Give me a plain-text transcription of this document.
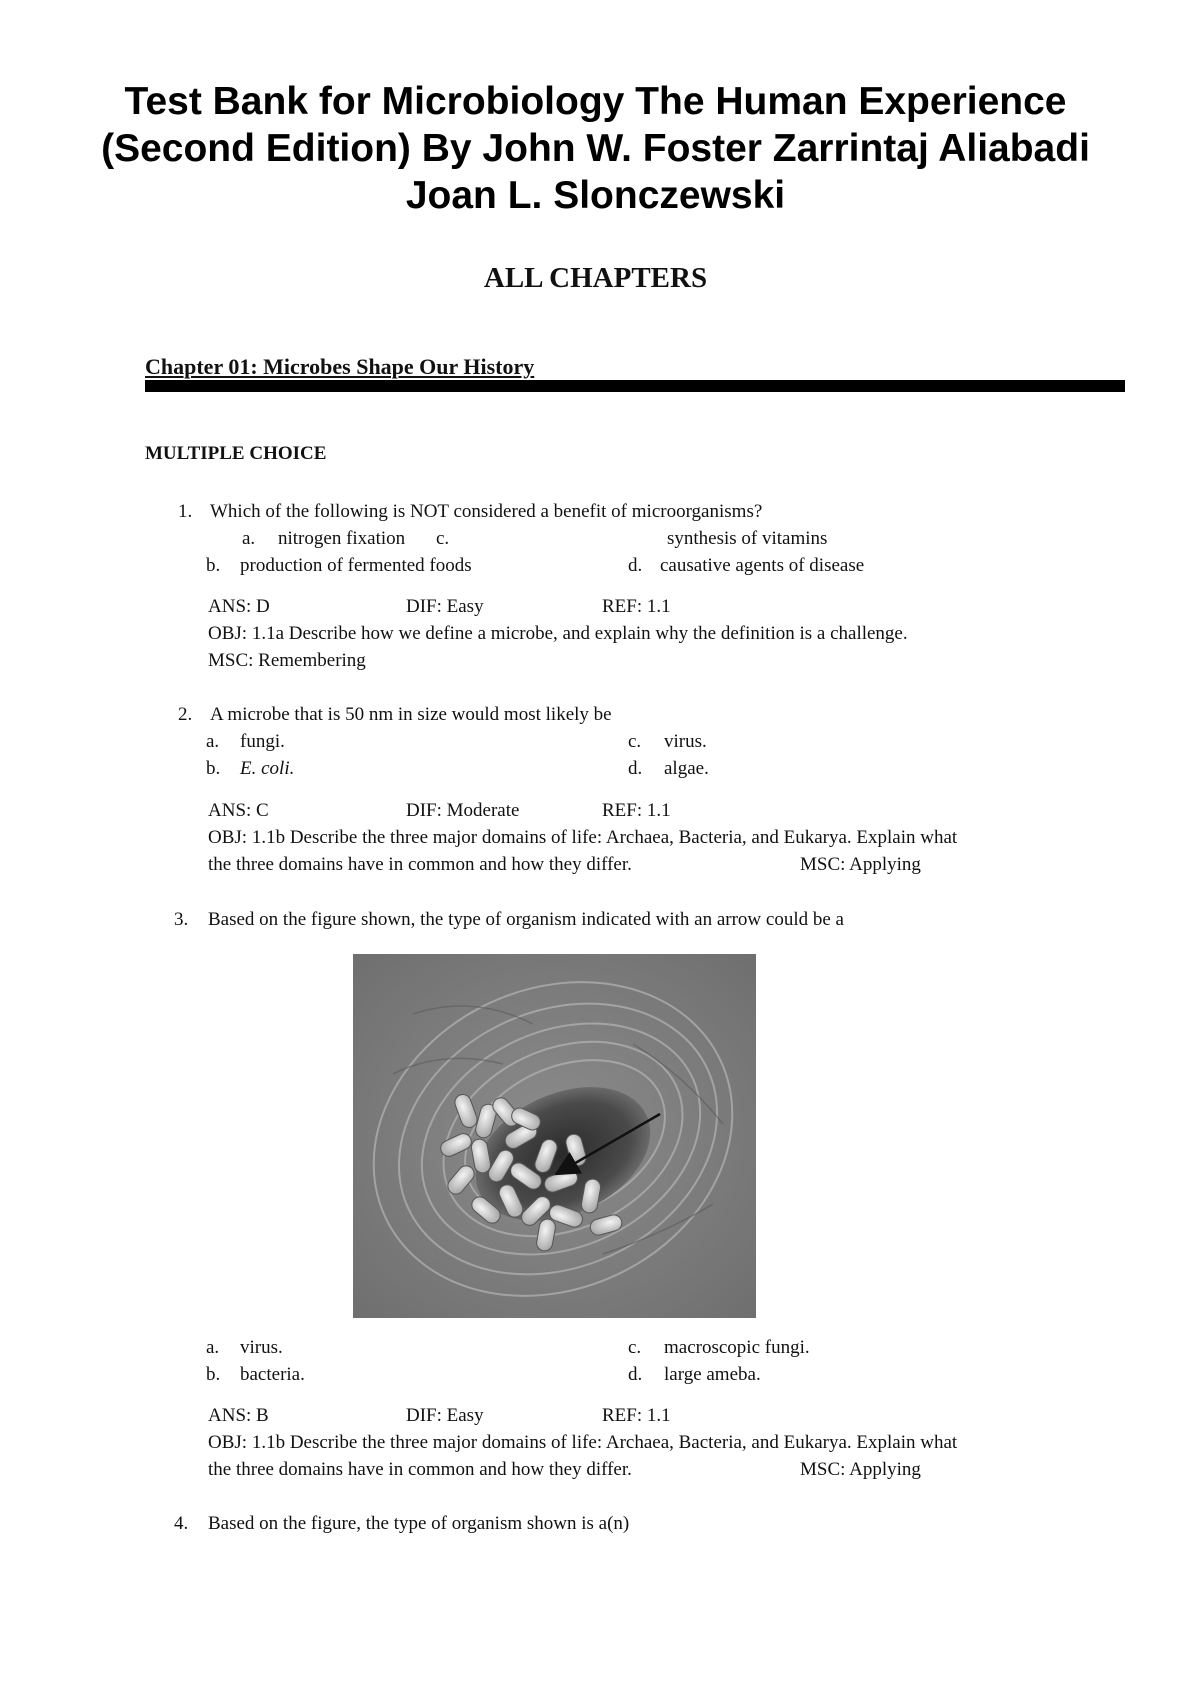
Test Bank for Microbiology The Human Experience (Second Edition) By John W. Foster Zarrintaj Aliabadi Joan L. Slonczewski
ALL CHAPTERS
Chapter 01: Microbes Shape Our History
MULTIPLE CHOICE
1. Which of the following is NOT considered a benefit of microorganisms?
a. nitrogen fixation c.	synthesis of vitamins
b. production of fermented foods	d. causative agents of disease
ANS: D	DIF: Easy	REF: 1.1
OBJ: 1.1a Describe how we define a microbe, and explain why the definition is a challenge.
MSC: Remembering
2. A microbe that is 50 nm in size would most likely be
a. fungi.	c. virus.
b. E. coli.	d. algae.
ANS: C	DIF: Moderate	REF: 1.1
OBJ: 1.1b Describe the three major domains of life: Archaea, Bacteria, and Eukarya. Explain what
the three domains have in common and how they differ.	MSC: Applying
3. Based on the figure shown, the type of organism indicated with an arrow could be a
a. virus.	c. macroscopic fungi.
b. bacteria.	d. large ameba.
ANS: B	DIF: Easy	REF: 1.1
OBJ: 1.1b Describe the three major domains of life: Archaea, Bacteria, and Eukarya. Explain what
the three domains have in common and how they differ.	MSC: Applying
4. Based on the figure, the type of organism shown is a(n)
